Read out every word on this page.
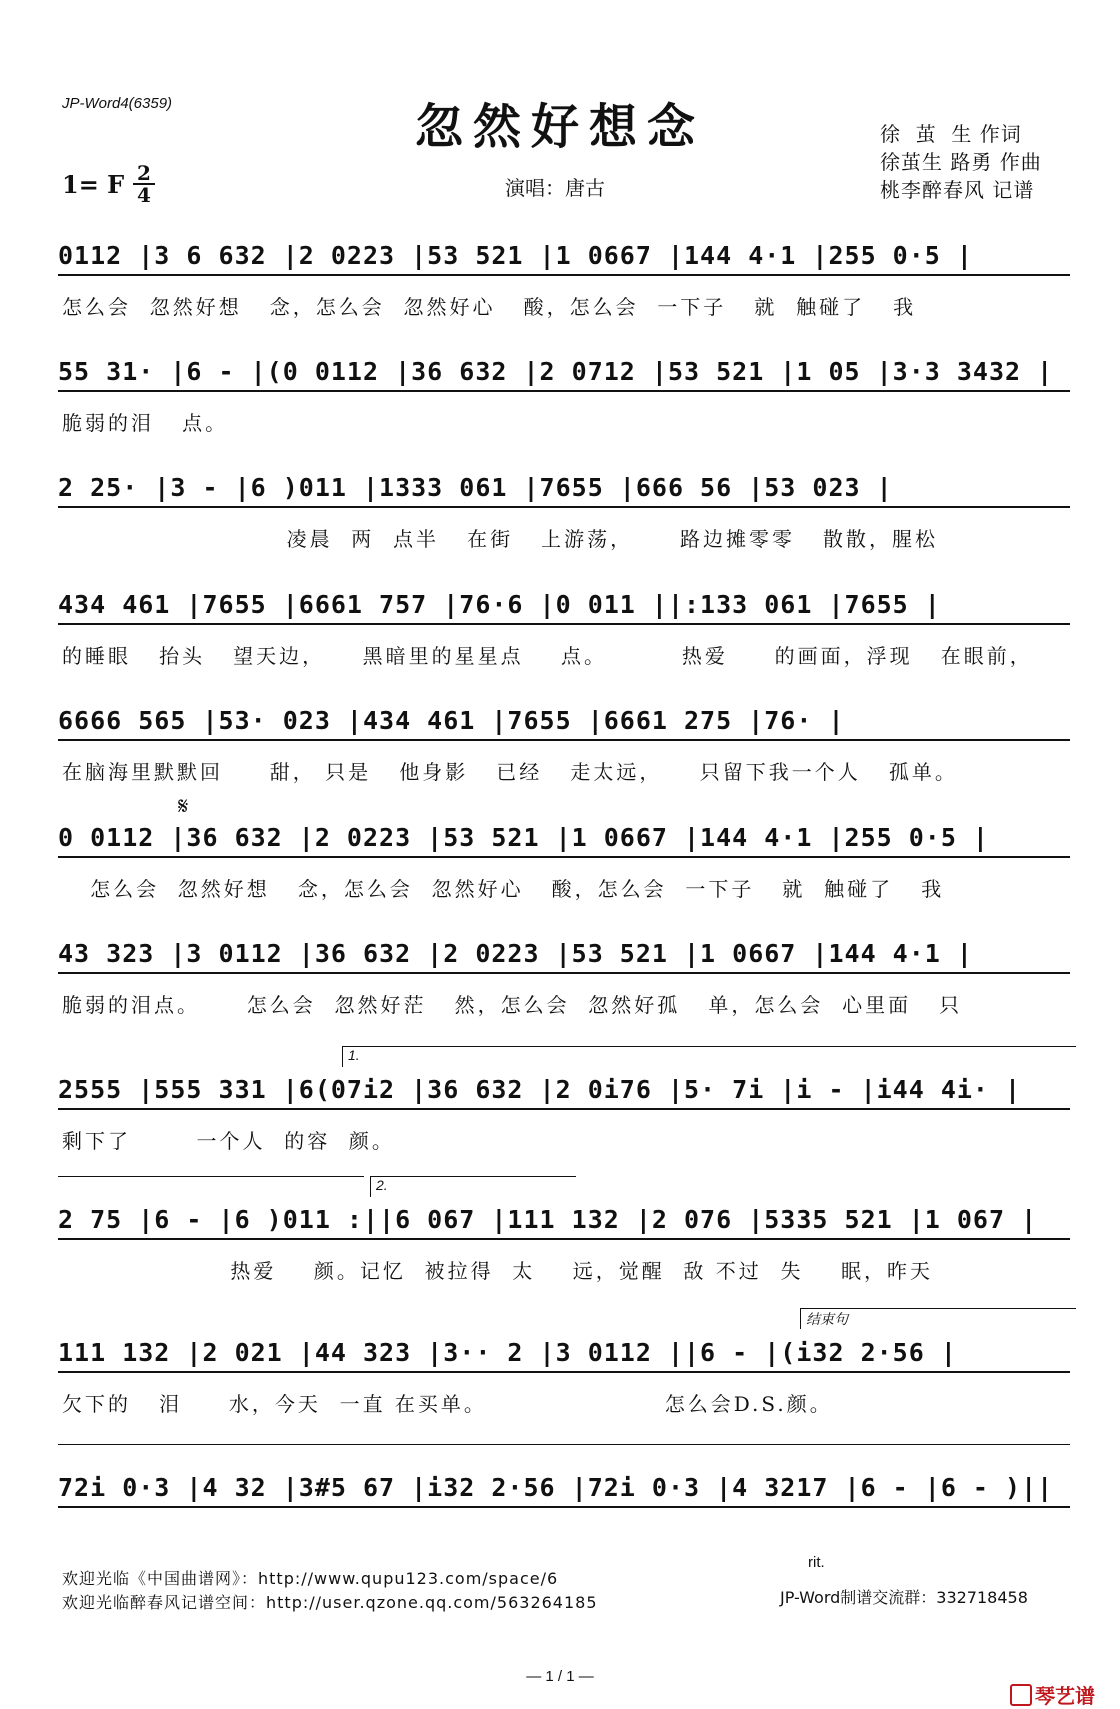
JP-Word4(6359)	忽然好想念	徐  茧  生 作词
徐茧生 路勇 作曲
桃李醉春风 记谱
1= F 2
4	演唱：唐古
0112 |3 6 632 |2 0223 |53 521 |1 0667 |144 4·1 |255 0·5 |
怎么会  忽然好想   念，怎么会  忽然好心   酸，怎么会  一下子   就  触碰了   我
55 31· |6 - |(0 0112 |36 632 |2 0712 |53 521 |1 05 |3·3 3432 |
脆弱的泪   点。
2 25· |3 - |6 )011 |1333 061 |7655 |666 56 |53 023 |
凌晨  两  点半   在街   上游荡，     路边摊零零   散散，腥松
434 461 |7655 |6661 757 |76·6 |0 011 ||:133 061 |7655 |
的睡眼   抬头   望天边，    黑暗里的星星点    点。        热爱     的画面，浮现   在眼前，
6666 565 |53· 023 |434 461 |7655 |6661 275 |76· |
在脑海里默默回     甜， 只是   他身影   已经   走太远，    只留下我一个人   孤单。
𝄋
0 0112 |36 632 |2 0223 |53 521 |1 0667 |144 4·1 |255 0·5 |
怎么会  忽然好想   念，怎么会  忽然好心   酸，怎么会  一下子   就  触碰了   我
43 323 |3 0112 |36 632 |2 0223 |53 521 |1 0667 |144 4·1 |
脆弱的泪点。     怎么会  忽然好茫   然，怎么会  忽然好孤   单，怎么会  心里面   只
1.
2555 |555 331 |6(07i2 |36 632 |2 0i76 |5· 7i |i - |i44 4i· |
剩下了       一个人  的容  颜。
2.
2 75 |6 - |6 )011 :||6 067 |111 132 |2 076 |5335 521 |1 067 |
热爱    颜。记忆  被拉得  太    远，觉醒  敌 不过  失    眠，昨天
结束句
111 132 |2 021 |44 323 |3·· 2 |3 0112 ||6 - |(i32 2·56 |
欠下的   泪     水，今天  一直 在买单。                   怎么会D.S.颜。
rit.
72i 0·3 |4 32 |3#5 67 |i32 2·56 |72i 0·3 |4 3217 |6 - |6 - )||
欢迎光临《中国曲谱网》：http://www.qupu123.com/space/6
欢迎光临醉春风记谱空间：http://user.qzone.qq.com/563264185	JP-Word制谱交流群：332718458
— 1 / 1 —
琴艺谱
